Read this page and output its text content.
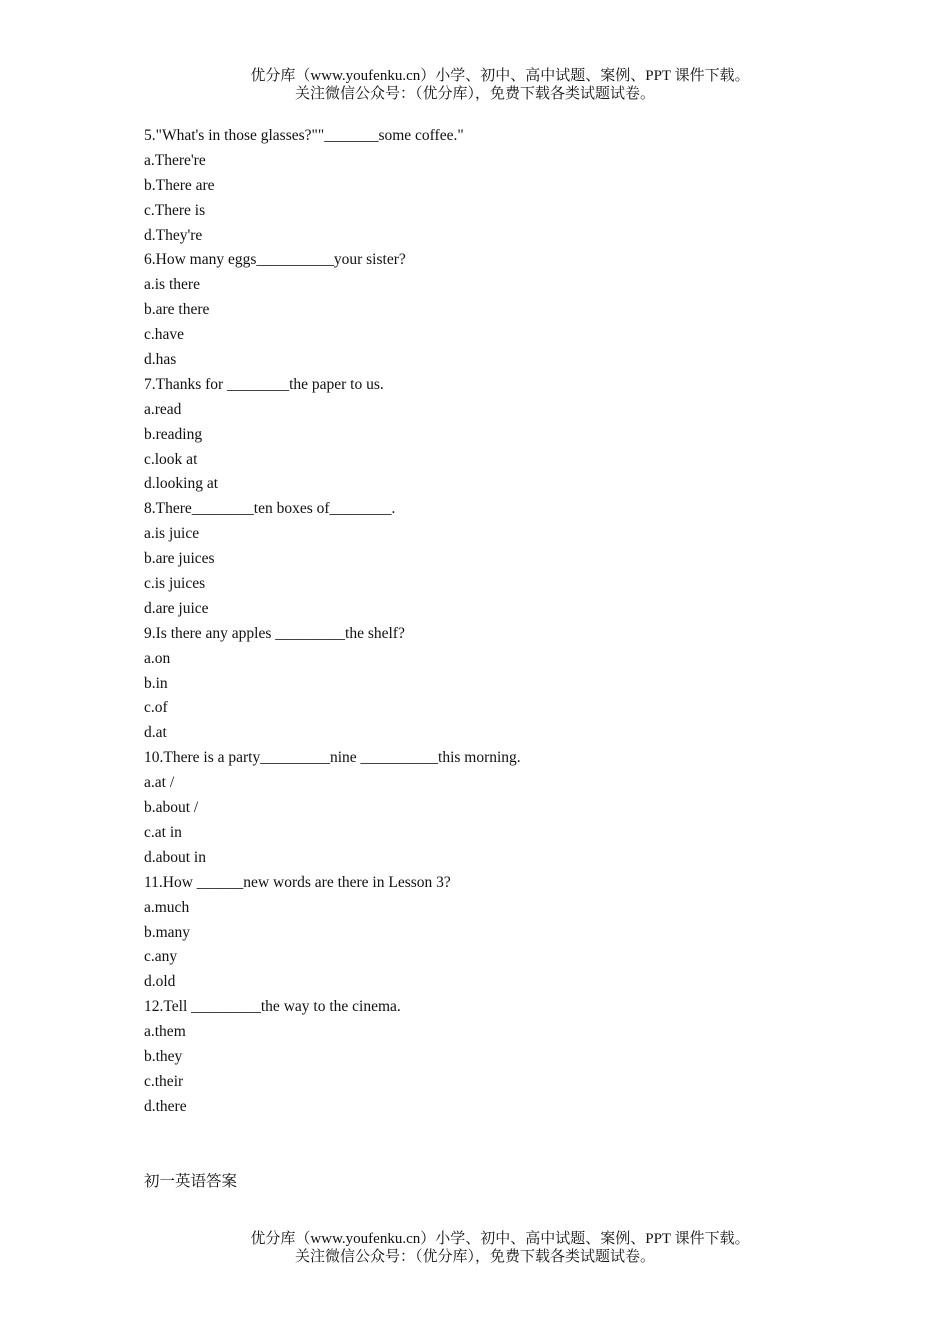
优分库（www.youfenku.cn）小学、初中、高中试题、案例、PPT 课件下载。
关注微信公众号：（优分库），免费下载各类试题试卷。
5."What's in those glasses?""_______some coffee."
a.There're
b.There are
c.There is
d.They're
6.How many eggs__________your sister?
a.is there
b.are there
c.have
d.has
7.Thanks for ________the paper to us.
a.read
b.reading
c.look at
d.looking at
8.There________ten boxes of________.
a.is juice
b.are juices
c.is juices
d.are juice
9.Is there any apples _________the shelf?
a.on
b.in
c.of
d.at
10.There is a party_________nine __________this morning.
a.at /
b.about /
c.at in
d.about in
11.How ______new words are there in Lesson 3?
a.much
b.many
c.any
d.old
12.Tell _________the way to the cinema.
a.them
b.they
c.their
d.there
初一英语答案
优分库（www.youfenku.cn）小学、初中、高中试题、案例、PPT 课件下载。
关注微信公众号：（优分库），免费下载各类试题试卷。
